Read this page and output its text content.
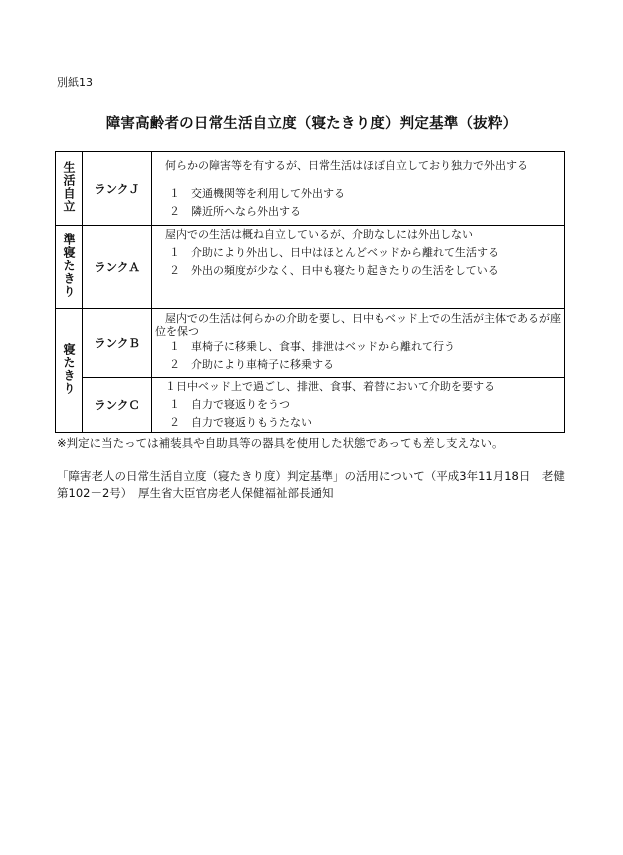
別紙13
障害高齢者の日常生活自立度（寝たきり度）判定基準（抜粋）
生活自立	ランクＪ	何らかの障害等を有するが、日常生活はほぼ自立しており独力で外出する
１　交通機関等を利用して外出する
２　隣近所へなら外出する

準寝たきり	ランクＡ	屋内での生活は概ね自立しているが、介助なしには外出しない
１　介助により外出し、日中はほとんどベッドから離れて生活する
２　外出の頻度が少なく、日中も寝たり起きたりの生活をしている

寝たきり	ランクＢ	屋内での生活は何らかの介助を要し、日中もベッド上での生活が主体であるが座位を保つ
１　車椅子に移乗し、食事、排泄はベッドから離れて行う
２　介助により車椅子に移乗する

	ランクＣ	１日中ベッド上で過ごし、排泄、食事、着替において介助を要する
１　自力で寝返りをうつ
２　自力で寝返りもうたない
※判定に当たっては補装具や自助具等の器具を使用した状態であっても差し支えない。
「障害老人の日常生活自立度（寝たきり度）判定基準」の活用について（平成3年11月18日　老健第102－2号）　厚生省大臣官房老人保健福祉部長通知
